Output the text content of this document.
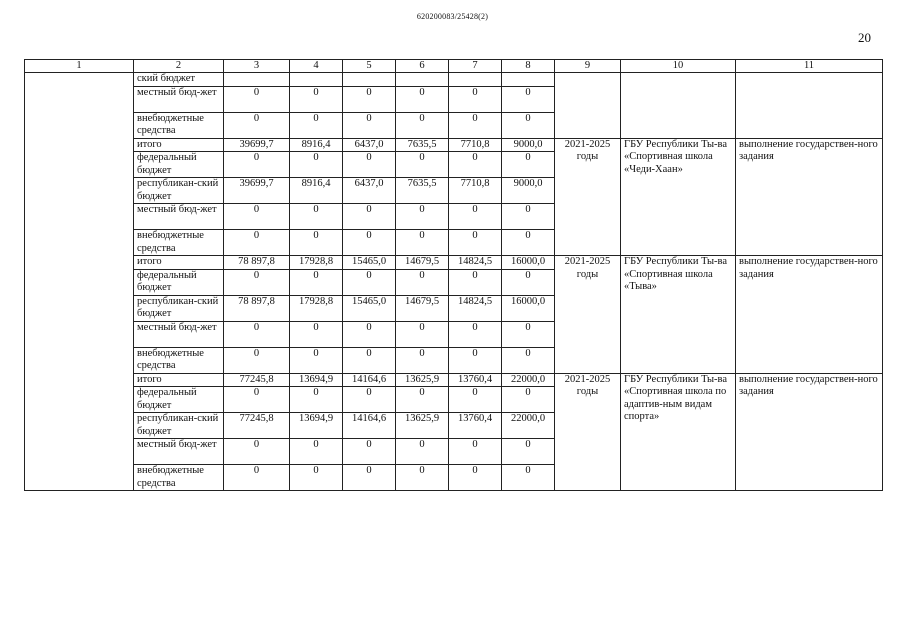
620200083/25428(2)
20
1	2	3	4	5	6	7	8	9	10	11
	ский бюджет									
	местный бюд-жет	0	0	0	0	0	0			
	внебюджетные средства	0	0	0	0	0	0			
	итого	39699,7	8916,4	6437,0	7635,5	7710,8	9000,0	2021-2025 годы	ГБУ Республики Ты-ва «Спортивная школа «Чеди-Хаан»	выполнение государствен-ного задания
	федеральный бюджет	0	0	0	0	0	0			
	республикан-ский бюджет	39699,7	8916,4	6437,0	7635,5	7710,8	9000,0			
	местный бюд-жет	0	0	0	0	0	0			
	внебюджетные средства	0	0	0	0	0	0			
	итого	78 897,8	17928,8	15465,0	14679,5	14824,5	16000,0	2021-2025 годы	ГБУ Республики Ты-ва «Спортивная школа «Тыва»	выполнение государствен-ного задания
	федеральный бюджет	0	0	0	0	0	0			
	республикан-ский бюджет	78 897,8	17928,8	15465,0	14679,5	14824,5	16000,0			
	местный бюд-жет	0	0	0	0	0	0			
	внебюджетные средства	0	0	0	0	0	0			
	итого	77245,8	13694,9	14164,6	13625,9	13760,4	22000,0	2021-2025 годы	ГБУ Республики Ты-ва «Спортивная школа по адаптив-ным видам спорта»	выполнение государствен-ного задания
	федеральный бюджет	0	0	0	0	0	0			
	республикан-ский бюджет	77245,8	13694,9	14164,6	13625,9	13760,4	22000,0			
	местный бюд-жет	0	0	0	0	0	0			
	внебюджетные средства	0	0	0	0	0	0			
